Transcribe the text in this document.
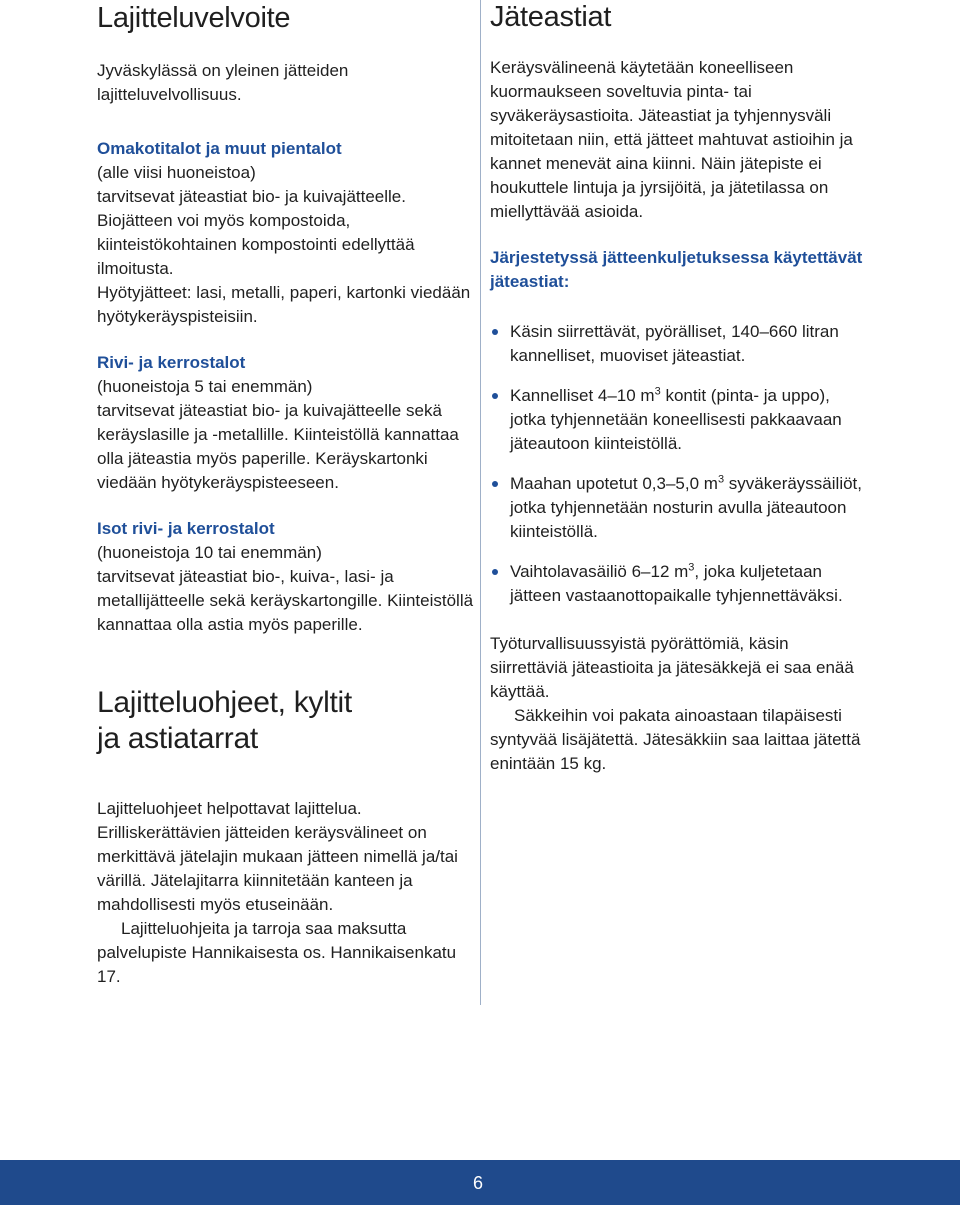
Lajitteluvelvoite

Jyväskylässä on yleinen jätteiden lajitteluvelvollisuus.

Omakotitalot ja muut pientalot

(alle viisi huoneistoa)

tarvitsevat jäteastiat bio- ja kuivajätteelle.

Biojätteen voi myös kompostoida, kiinteistökohtainen kompostointi edellyttää ilmoitusta.

Hyötyjätteet: lasi, metalli, paperi, kartonki viedään hyötykeräyspisteisiin.

Rivi- ja kerrostalot

(huoneistoja 5 tai enemmän)

tarvitsevat jäteastiat bio- ja kuivajätteelle sekä keräyslasille ja -metallille. Kiinteistöllä kannattaa olla jäteastia myös paperille. Keräyskartonki viedään hyötykeräyspisteeseen.

Isot rivi- ja kerrostalot

(huoneistoja 10 tai enemmän)

tarvitsevat jäteastiat bio-, kuiva-, lasi- ja metallijätteelle sekä keräyskartongille. Kiinteistöllä kannattaa olla astia myös paperille.

Lajitteluohjeet, kyltit
ja astiatarrat

Lajitteluohjeet helpottavat lajittelua. Erilliskerättävien jätteiden keräysvälineet on merkittävä jätelajin mukaan jätteen nimellä ja/tai värillä. Jätelajitarra kiinnitetään kanteen ja mahdollisesti myös etuseinään.

Lajitteluohjeita ja tarroja saa maksutta palvelupiste Hannikaisesta os. Hannikaisenkatu 17.

Jäteastiat

Keräysvälineenä käytetään koneelliseen kuormaukseen soveltuvia pinta- tai syväkeräysastioita. Jäteastiat ja tyhjennysväli mitoitetaan niin, että jätteet mahtuvat astioihin ja kannet menevät aina kiinni. Näin jätepiste ei houkuttele lintuja ja jyrsijöitä, ja jätetilassa on miellyttävää asioida.

Järjestetyssä jätteenkuljetuksessa käytettävät jäteastiat:

Käsin siirrettävät, pyörälliset, 140–660 litran kannelliset, muoviset jäteastiat.
Kannelliset 4–10 $m^3$ kontit (pinta- ja uppo), jotka tyhjennetään koneellisesti pakkaavaan jäteautoon kiinteistöllä.
Maahan upotetut 0,3–5,0 $m^3$ syväkeräyssäiliöt, jotka tyhjennetään nosturin avulla jäteautoon kiinteistöllä.
Vaihtolavasäiliö 6–12 $m^3$, joka kuljetetaan jätteen vastaanottopaikalle tyhjennettäväksi.

Työturvallisuussyistä pyörättömiä, käsin siirrettäviä jäteastioita ja jätesäkkejä ei saa enää käyttää.

Säkkeihin voi pakata ainoastaan tilapäisesti syntyvää lisäjätettä. Jätesäkkiin saa laittaa jätettä enintään 15 kg.

6
